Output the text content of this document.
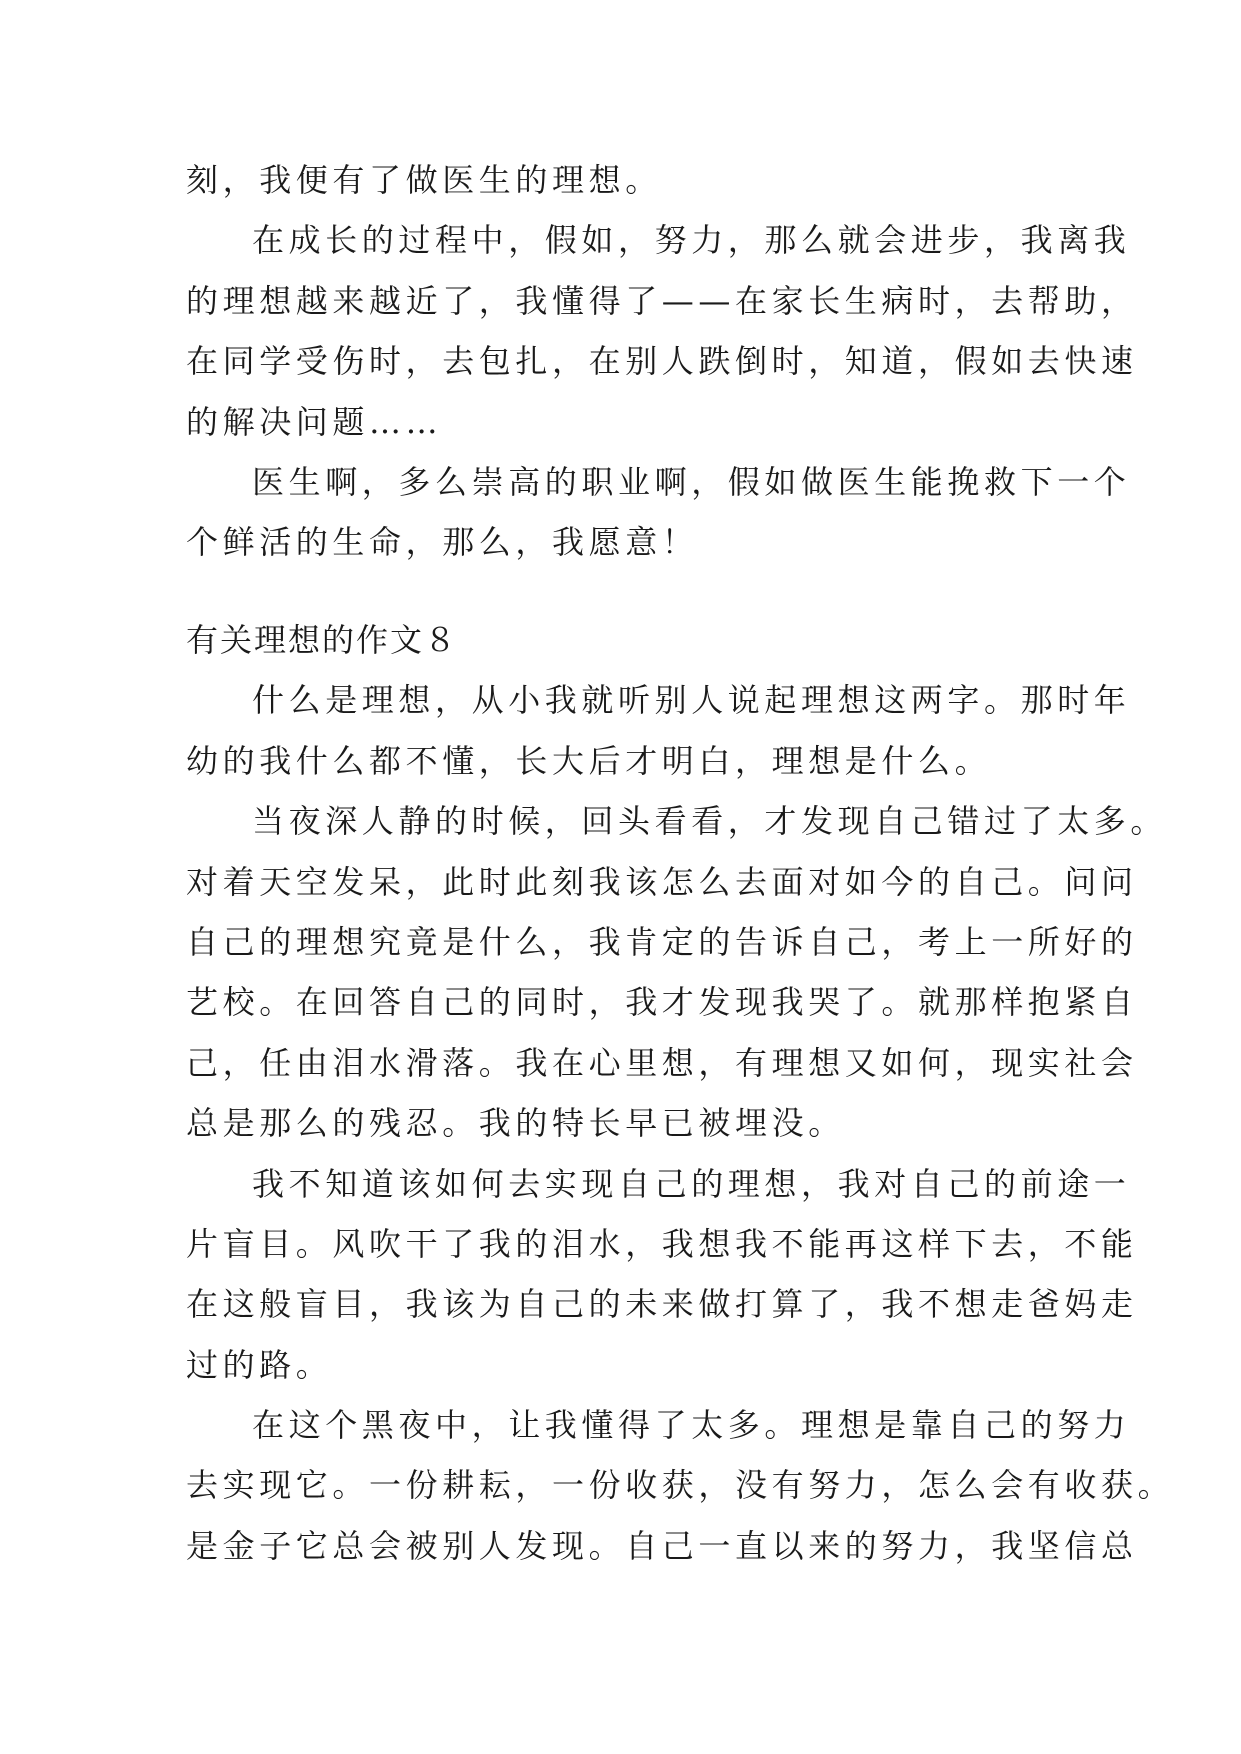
刻，我便有了做医生的理想。
在成长的过程中，假如，努力，那么就会进步，我离我
的理想越来越近了，我懂得了——在家长生病时，去帮助，
在同学受伤时，去包扎，在别人跌倒时，知道，假如去快速
的解决问题……
医生啊，多么崇高的职业啊，假如做医生能挽救下一个
个鲜活的生命，那么，我愿意！
有关理想的作文８
什么是理想，从小我就听别人说起理想这两字。那时年
幼的我什么都不懂，长大后才明白，理想是什么。
当夜深人静的时候，回头看看，才发现自己错过了太多。
对着天空发呆，此时此刻我该怎么去面对如今的自己。问问
自己的理想究竟是什么，我肯定的告诉自己，考上一所好的
艺校。在回答自己的同时，我才发现我哭了。就那样抱紧自
己，任由泪水滑落。我在心里想，有理想又如何，现实社会
总是那么的残忍。我的特长早已被埋没。
我不知道该如何去实现自己的理想，我对自己的前途一
片盲目。风吹干了我的泪水，我想我不能再这样下去，不能
在这般盲目，我该为自己的未来做打算了，我不想走爸妈走
过的路。
在这个黑夜中，让我懂得了太多。理想是靠自己的努力
去实现它。一份耕耘，一份收获，没有努力，怎么会有收获。
是金子它总会被别人发现。自己一直以来的努力，我坚信总
